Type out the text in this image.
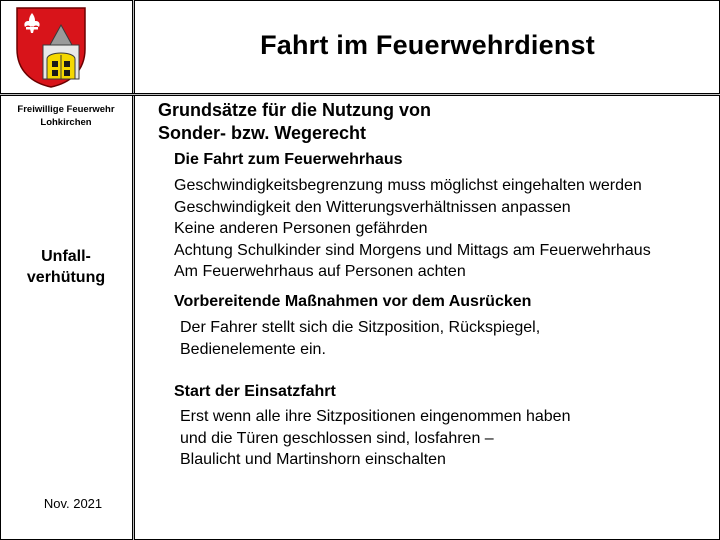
Fahrt im Feuerwehrdienst
Freiwillige Feuerwehr
Lohkirchen
Unfall-
verhütung
Nov. 2021
Grundsätze für die Nutzung von
Sonder- bzw. Wegerecht
Die Fahrt zum Feuerwehrhaus
Geschwindigkeitsbegrenzung muss möglichst eingehalten werden
Geschwindigkeit den Witterungsverhältnissen anpassen
Keine anderen Personen gefährden
Achtung Schulkinder sind Morgens und Mittags am Feuerwehrhaus
Am Feuerwehrhaus auf Personen achten
Vorbereitende Maßnahmen vor dem Ausrücken
Der Fahrer stellt sich die Sitzposition, Rückspiegel,
Bedienelemente ein.
Start der Einsatzfahrt
Erst wenn alle ihre Sitzpositionen eingenommen haben
und die Türen geschlossen sind, losfahren –
Blaulicht und Martinshorn einschalten
